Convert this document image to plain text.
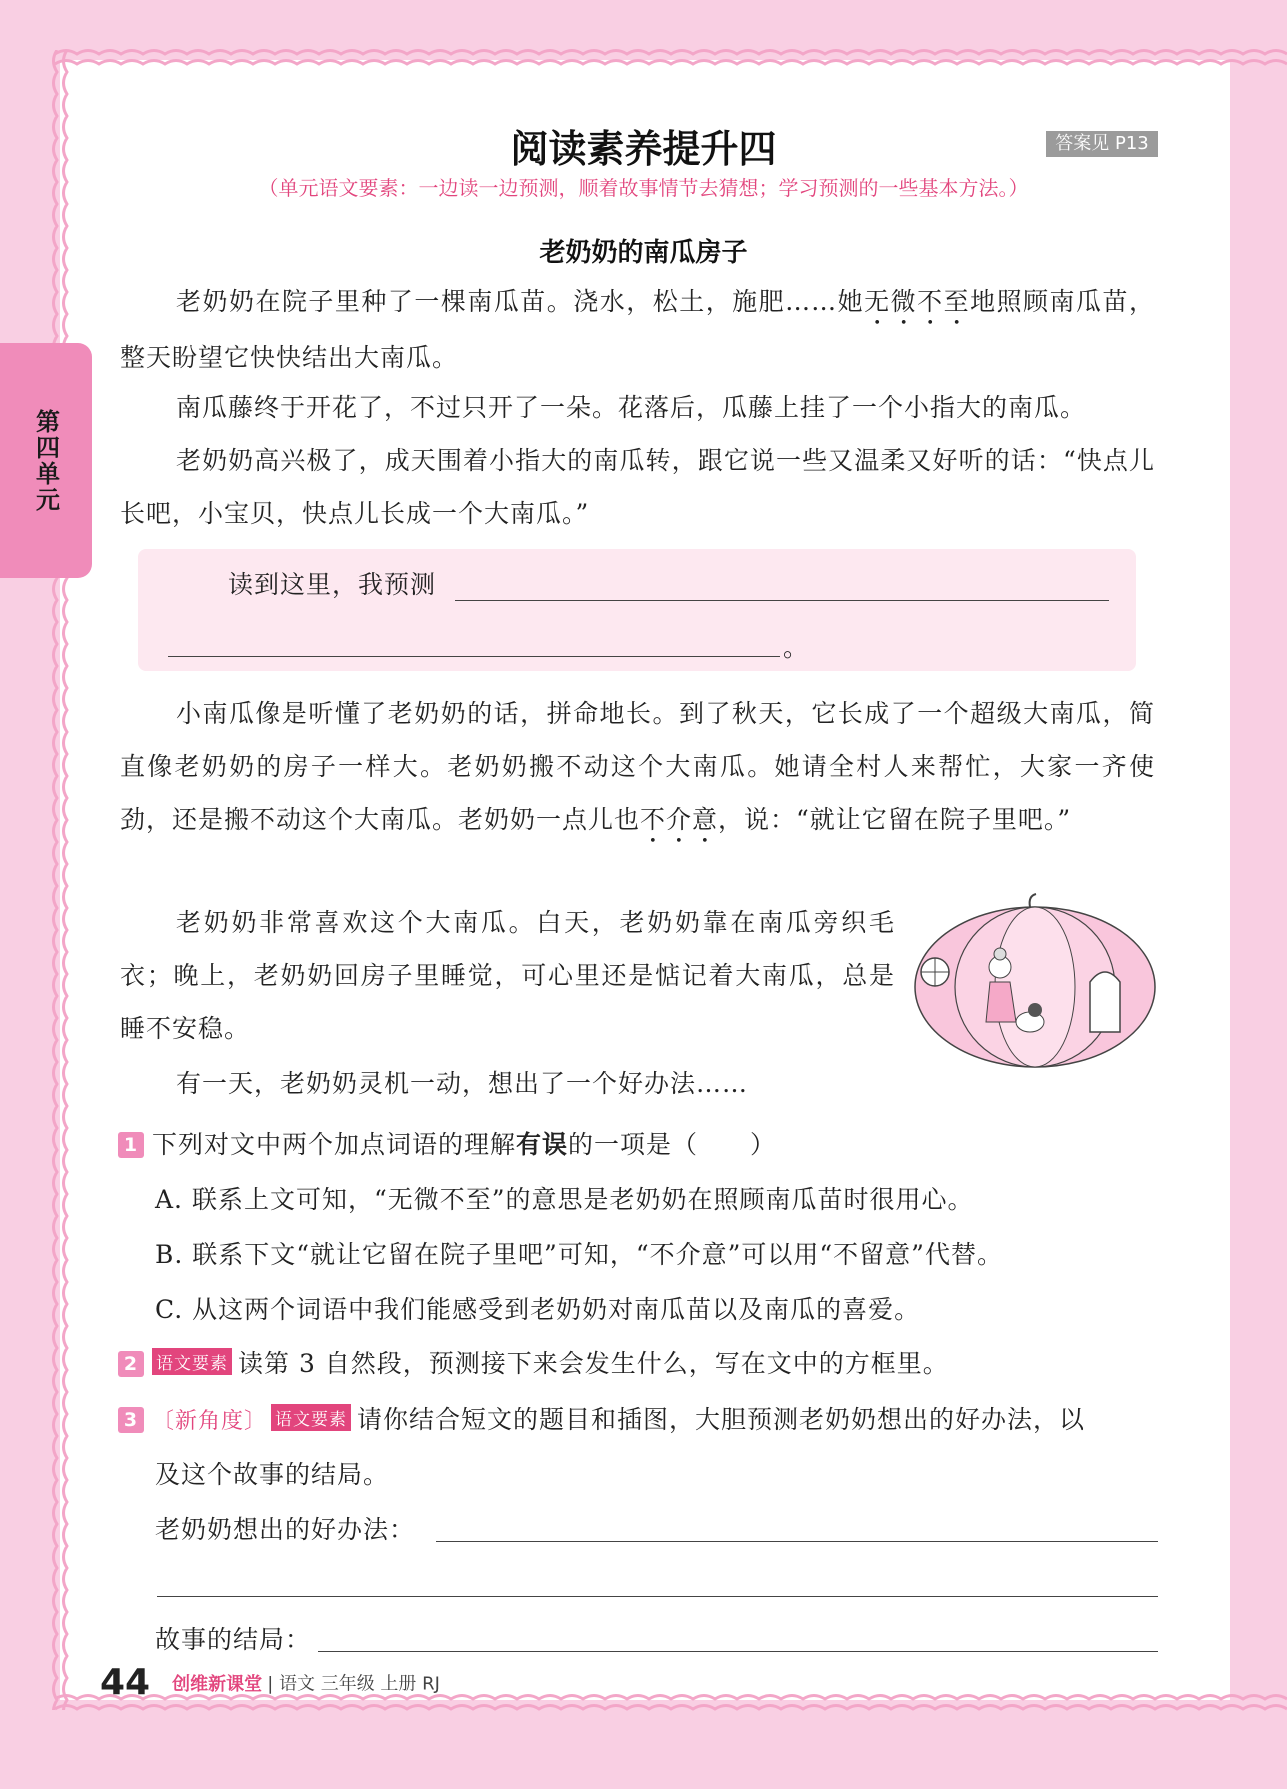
第四单元
阅读素养提升四	答案见 P13
（单元语文要素：一边读一边预测，顺着故事情节去猜想；学习预测的一些基本方法。）
老奶奶的南瓜房子

老奶奶在院子里种了一棵南瓜苗。浇水，松土，施肥……她无微不至地照顾南瓜苗，整天盼望它快快结出大南瓜。

南瓜藤终于开花了，不过只开了一朵。花落后，瓜藤上挂了一个小指大的南瓜。

老奶奶高兴极了，成天围着小指大的南瓜转，跟它说一些又温柔又好听的话：“快点儿长吧，小宝贝，快点儿长成一个大南瓜。”

读到这里，我预测
。

小南瓜像是听懂了老奶奶的话，拼命地长。到了秋天，它长成了一个超级大南瓜，简直像老奶奶的房子一样大。老奶奶搬不动这个大南瓜。她请全村人来帮忙，大家一齐使劲，还是搬不动这个大南瓜。老奶奶一点儿也不介意，说：“就让它留在院子里吧。”

老奶奶非常喜欢这个大南瓜。白天，老奶奶靠在南瓜旁织毛衣；晚上，老奶奶回房子里睡觉，可心里还是惦记着大南瓜，总是睡不安稳。

有一天，老奶奶灵机一动，想出了一个好办法……

1 下列对文中两个加点词语的理解有误的一项是（　　）
A. 联系上文可知，“无微不至”的意思是老奶奶在照顾南瓜苗时很用心。
B. 联系下文“就让它留在院子里吧”可知，“不介意”可以用“不留意”代替。
C. 从这两个词语中我们能感受到老奶奶对南瓜苗以及南瓜的喜爱。
2 语文要素 读第 3 自然段，预测接下来会发生什么，写在文中的方框里。
3 〔新角度〕 语文要素 请你结合短文的题目和插图，大胆预测老奶奶想出的好办法，以
及这个故事的结局。
老奶奶想出的好办法：
故事的结局：
44 创维新课堂 | 语文 三年级 上册 RJ
